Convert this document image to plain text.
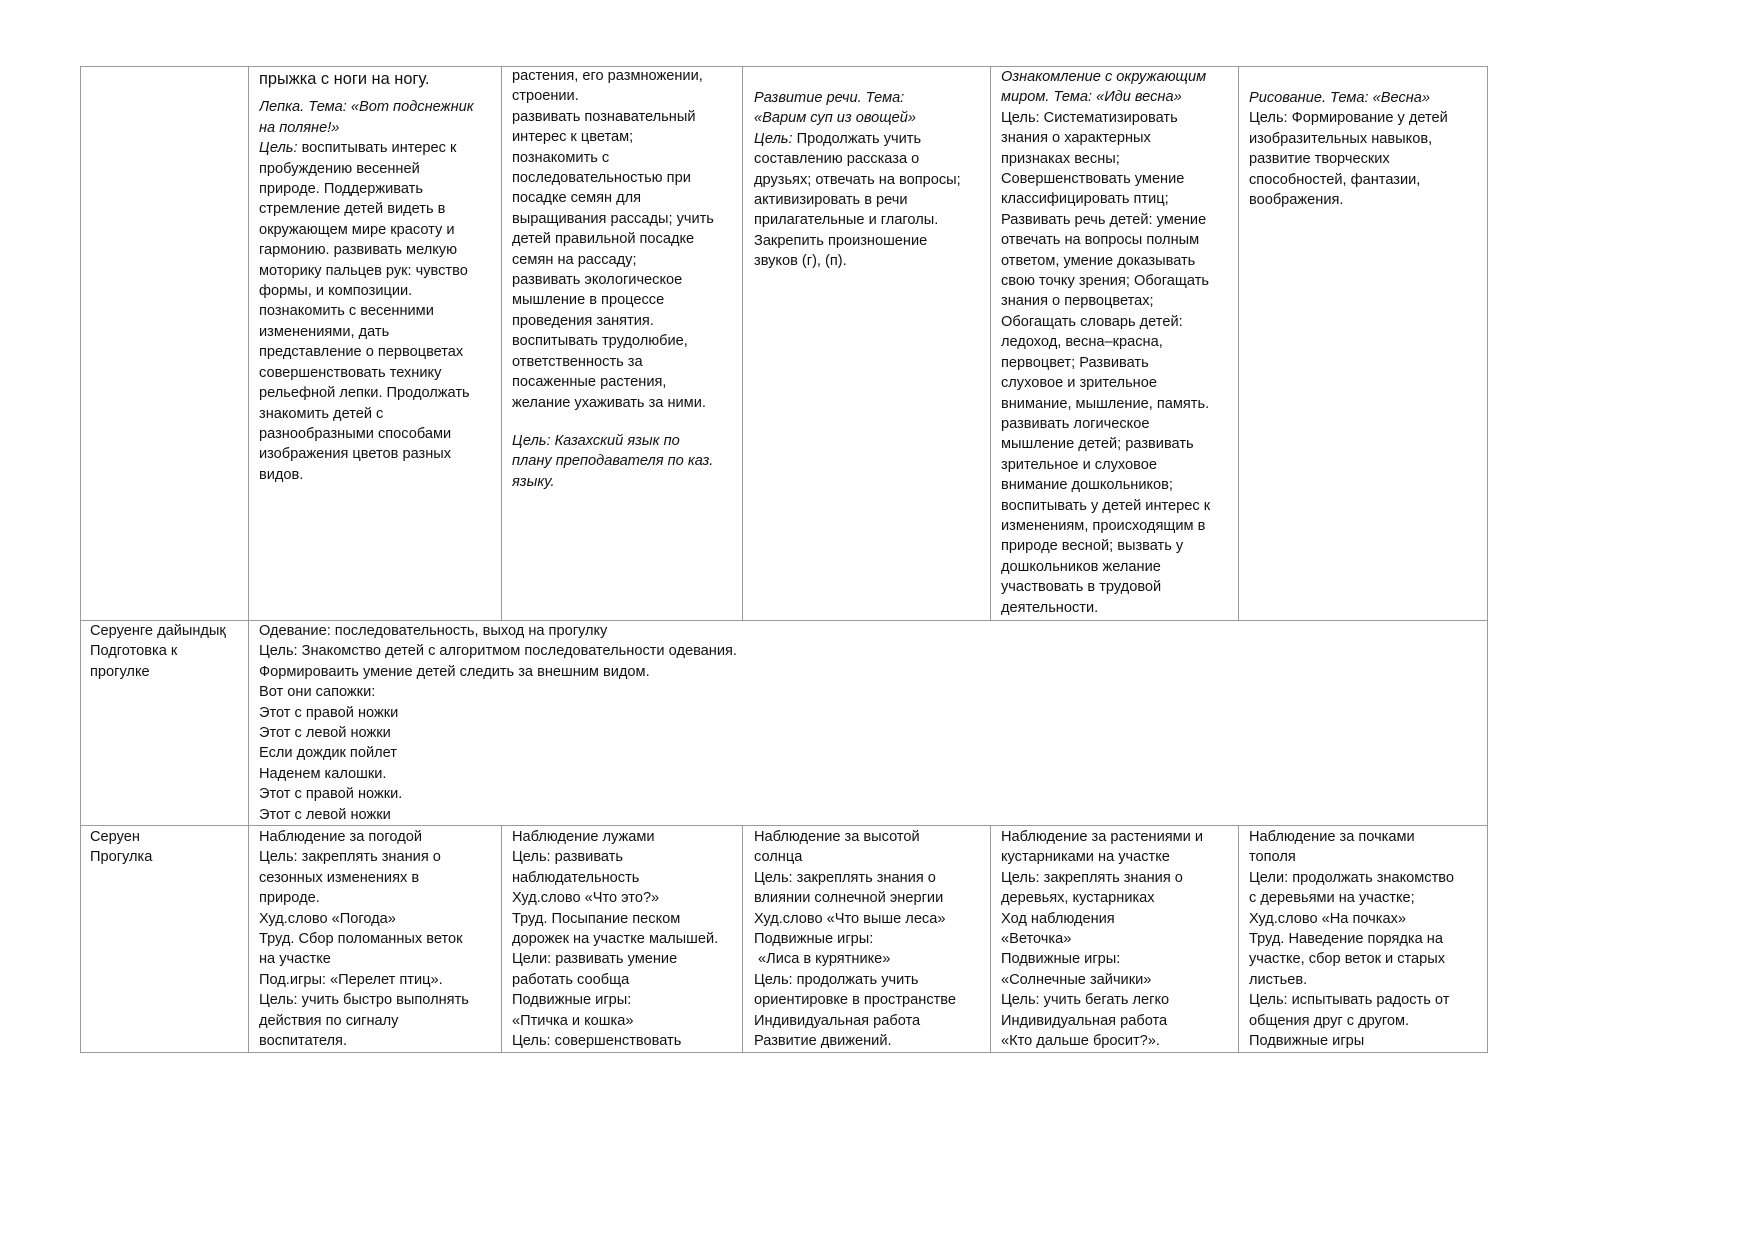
прыжка с ноги на ногу.
Лепка. Тема: «Вот подснежник
на поляне!»
Цель: воспитывать интерес к
пробуждению весенней
природе. Поддерживать
стремление детей видеть в
окружающем мире красоту и
гармонию. развивать мелкую
моторику пальцев рук: чувство
формы, и композиции.
познакомить с весенними
изменениями, дать
представление о первоцветах
совершенствовать технику
рельефной лепки. Продолжать
знакомить детей с
разнообразными способами
изображения цветов разных
видов.
растения, его размножении,
строении.
развивать познавательный
интерес к цветам;
познакомить с
последовательностью при
посадке семян для
выращивания рассады; учить
детей правильной посадке
семян на рассаду;
развивать экологическое
мышление в процессе
проведения занятия.
воспитывать трудолюбие,
ответственность за
посаженные растения,
желание ухаживать за ними.
Цель: Казахский язык по
плану преподавателя по каз.
языку.
Развитие речи. Тема:
«Варим суп из овощей»
Цель: Продолжать учить
составлению рассказа о
друзьях; отвечать на вопросы;
активизировать в речи
прилагательные и глаголы.
Закрепить произношение
звуков (г), (п).
Ознакомление с окружающим
миром. Тема: «Иди весна»
Цель: Систематизировать
знания о характерных
признаках весны;
Совершенствовать умение
классифицировать птиц;
Развивать речь детей: умение
отвечать на вопросы полным
ответом, умение доказывать
свою точку зрения; Обогащать
знания о первоцветах;
Обогащать словарь детей:
ледоход, весна–красна,
первоцвет; Развивать
слуховое и зрительное
внимание, мышление, память.
развивать логическое
мышление детей; развивать
зрительное и слуховое
внимание дошкольников;
воспитывать у детей интерес к
изменениям, происходящим в
природе весной; вызвать у
дошкольников желание
участвовать в трудовой
деятельности.
Рисование. Тема: «Весна»
Цель: Формирование у детей
изобразительных навыков,
развитие творческих
способностей, фантазии,
воображения.
Серуенге дайындық
Подготовка к
прогулке
Одевание: последовательность, выход на прогулку
Цель: Знакомство детей с алгоритмом последовательности одевания.
Формироваить умение детей следить за внешним видом.
Вот они сапожки:
Этот с правой ножки
Этот с левой ножки
Если дождик пойлет
Наденем калошки.
Этот с правой ножки.
Этот с левой ножки
Серуен
Прогулка
Наблюдение за погодой
Цель: закреплять знания о
сезонных изменениях в
природе.
Худ.слово «Погода»
Труд. Сбор поломанных веток
на участке
Под.игры: «Перелет птиц».
Цель: учить быстро выполнять
действия по сигналу
воспитателя.
Наблюдение лужами
Цель: развивать
наблюдательность
Худ.слово «Что это?»
Труд. Посыпание песком
дорожек на участке малышей.
Цели: развивать умение
работать сообща
Подвижные игры:
«Птичка и кошка»
Цель: совершенствовать
Наблюдение за высотой
солнца
Цель: закреплять знания о
влиянии солнечной энергии
Худ.слово «Что выше леса»
Подвижные игры:
«Лиса в курятнике»
Цель: продолжать учить
ориентировке в пространстве
Индивидуальная работа
Развитие движений.
Наблюдение за растениями и
кустарниками на участке
Цель: закреплять знания о
деревьях, кустарниках
Ход наблюдения
«Веточка»
Подвижные игры:
«Солнечные зайчики»
Цель: учить бегать легко
Индивидуальная работа
«Кто дальше бросит?».
Наблюдение за почками
тополя
Цели: продолжать знакомство
с деревьями на участке;
Худ.слово «На почках»
Труд. Наведение порядка на
участке, сбор веток и старых
листьев.
Цель: испытывать радость от
общения друг с другом.
Подвижные игры
